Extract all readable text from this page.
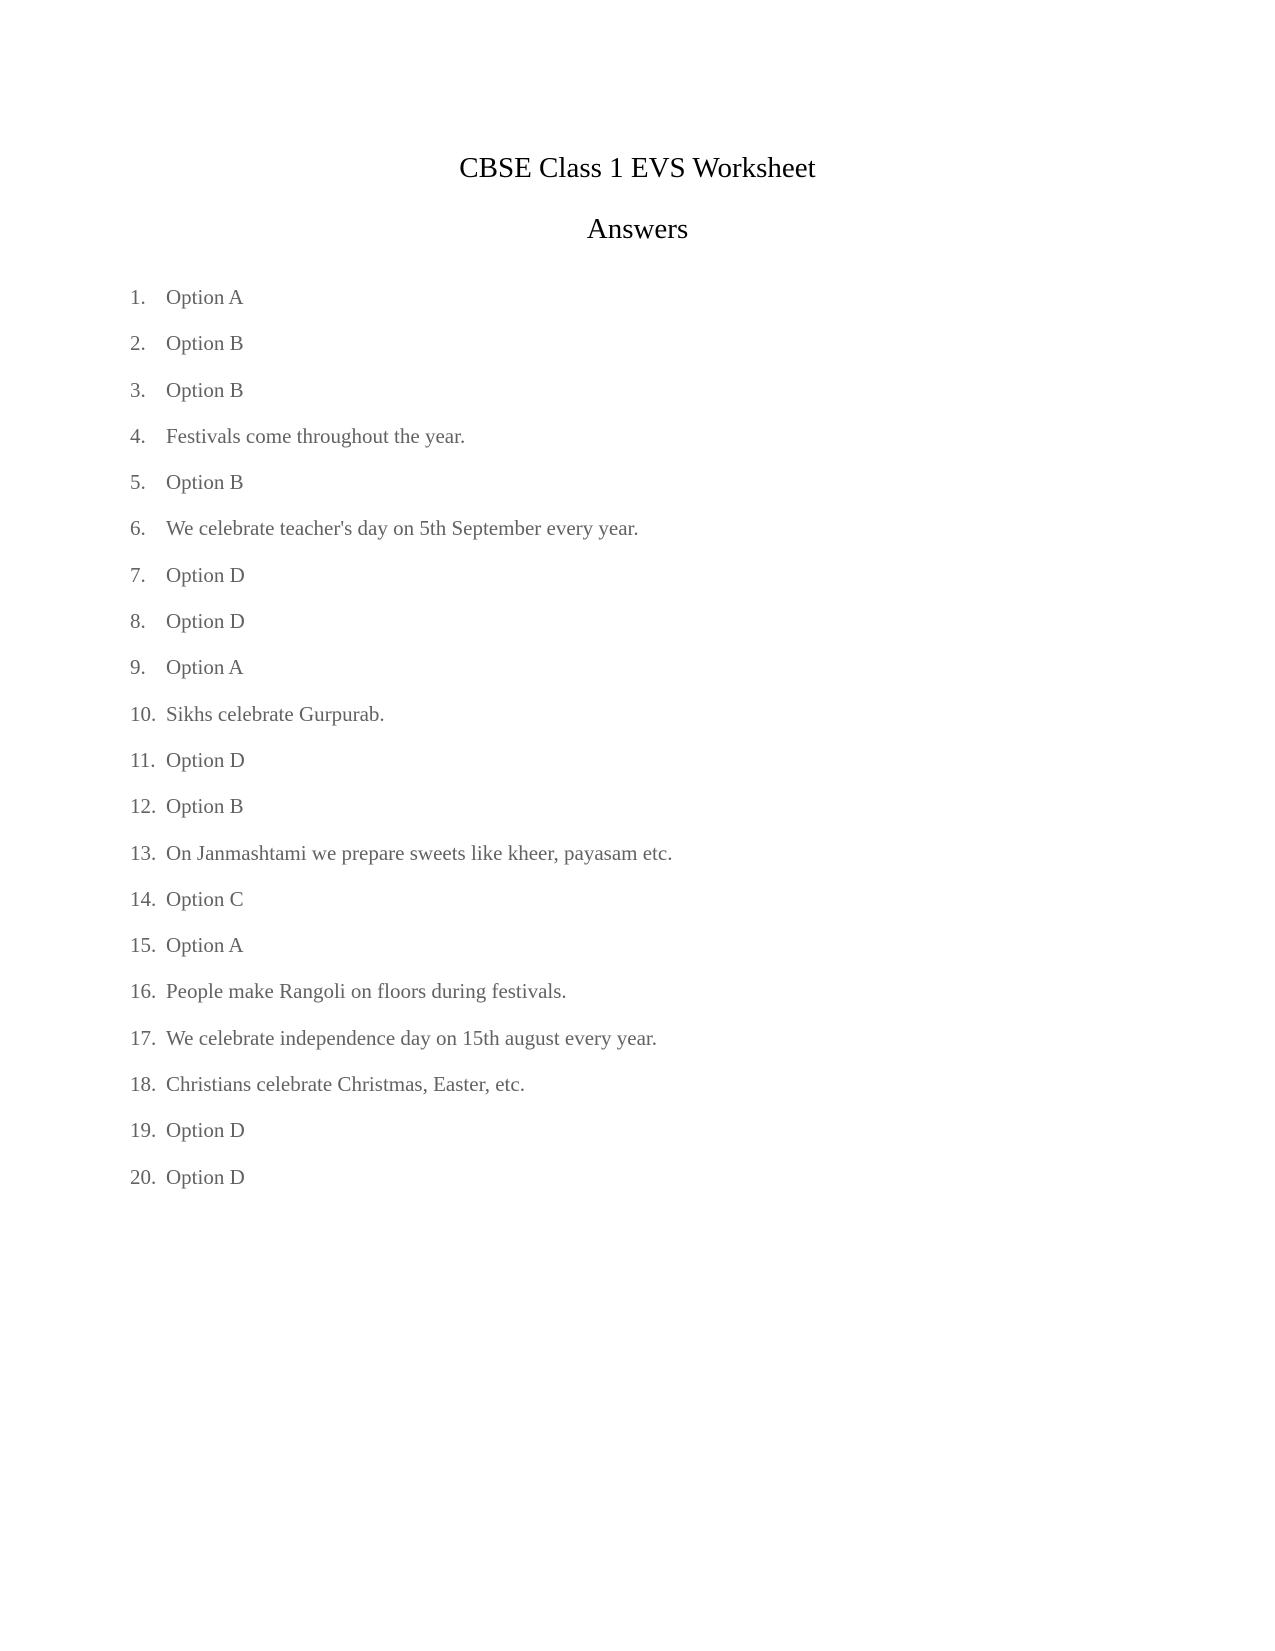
CBSE Class 1 EVS Worksheet
Answers
1. Option A
2. Option B
3. Option B
4. Festivals come throughout the year.
5. Option B
6. We celebrate teacher's day on 5th September every year.
7. Option D
8. Option D
9. Option A
10. Sikhs celebrate Gurpurab.
11. Option D
12. Option B
13. On Janmashtami we prepare sweets like kheer, payasam etc.
14. Option C
15. Option A
16. People make Rangoli on floors during festivals.
17. We celebrate independence day on 15th august every year.
18. Christians celebrate Christmas, Easter, etc.
19. Option D
20. Option D
